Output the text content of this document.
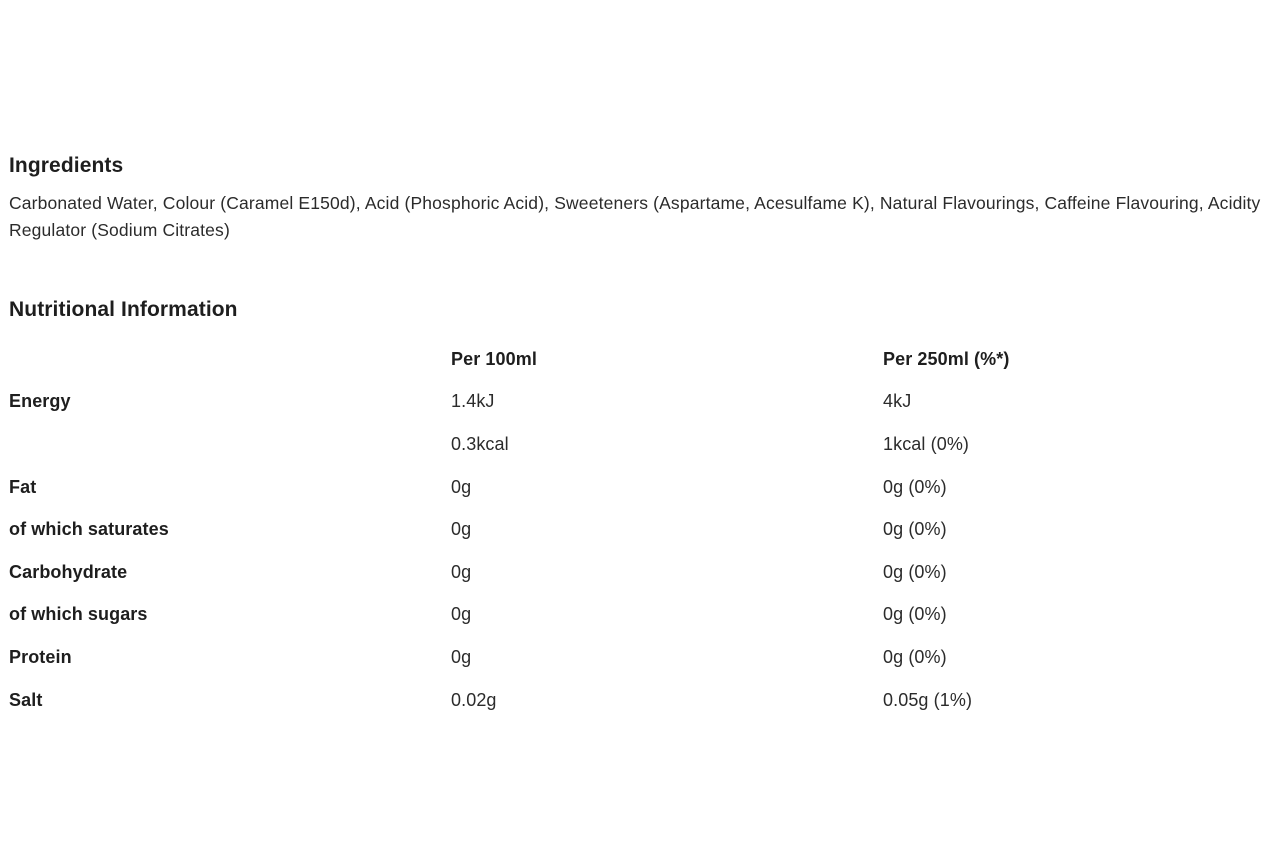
Ingredients

Carbonated Water, Colour (Caramel E150d), Acid (Phosphoric Acid), Sweeteners (Aspartame, Acesulfame K), Natural Flavourings, Caffeine Flavouring, Acidity Regulator (Sodium Citrates)

Nutritional Information
	Per 100ml	Per 250ml (%*)
Energy	1.4kJ	4kJ
	0.3kcal	1kcal (0%)
Fat	0g	0g (0%)
of which saturates	0g	0g (0%)
Carbohydrate	0g	0g (0%)
of which sugars	0g	0g (0%)
Protein	0g	0g (0%)
Salt	0.02g	0.05g (1%)
